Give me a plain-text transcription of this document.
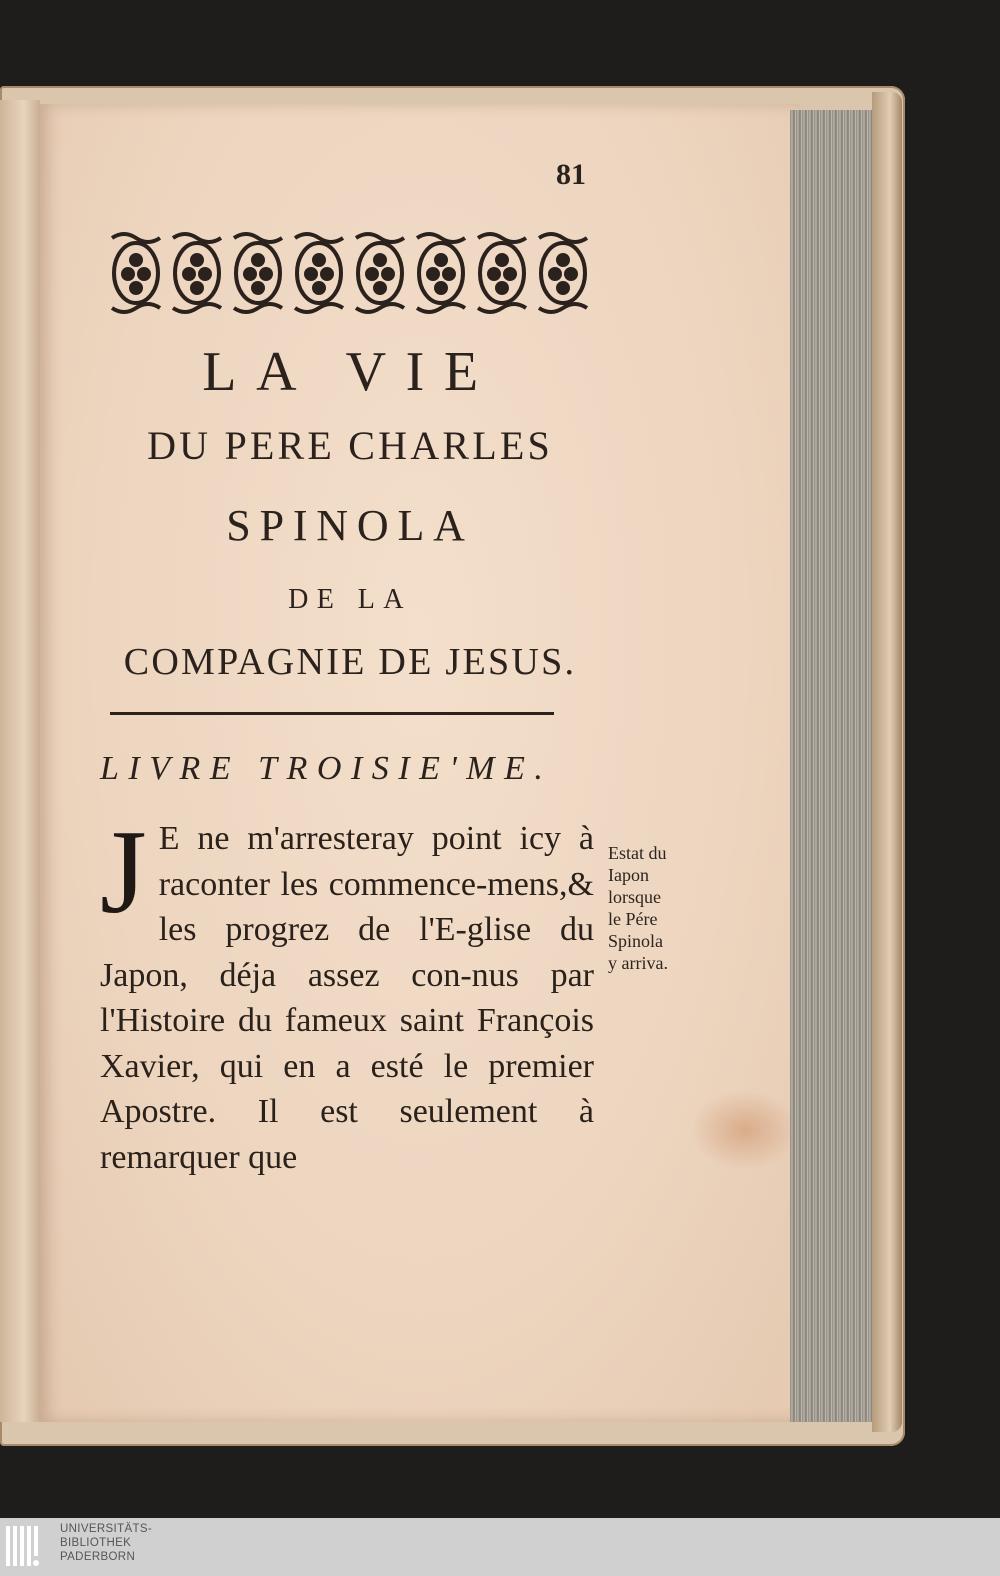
81
LA VIE
DU PERE CHARLES
SPINOLA
DE LA
COMPAGNIE DE JESUS.
LIVRE TROISIE'ME.
J E ne m'arresteray point icy à raconter les commence-mens,& les progrez de l'E-glise du Japon, déja assez con-nus par l'Histoire du fameux saint François Xavier, qui en a esté le premier Apostre. Il est seulement à remarquer que
Estat du
Iapon
lorsque
le Pére
Spinola
y arriva.
UNIVERSITÄTS-
BIBLIOTHEK
PADERBORN
